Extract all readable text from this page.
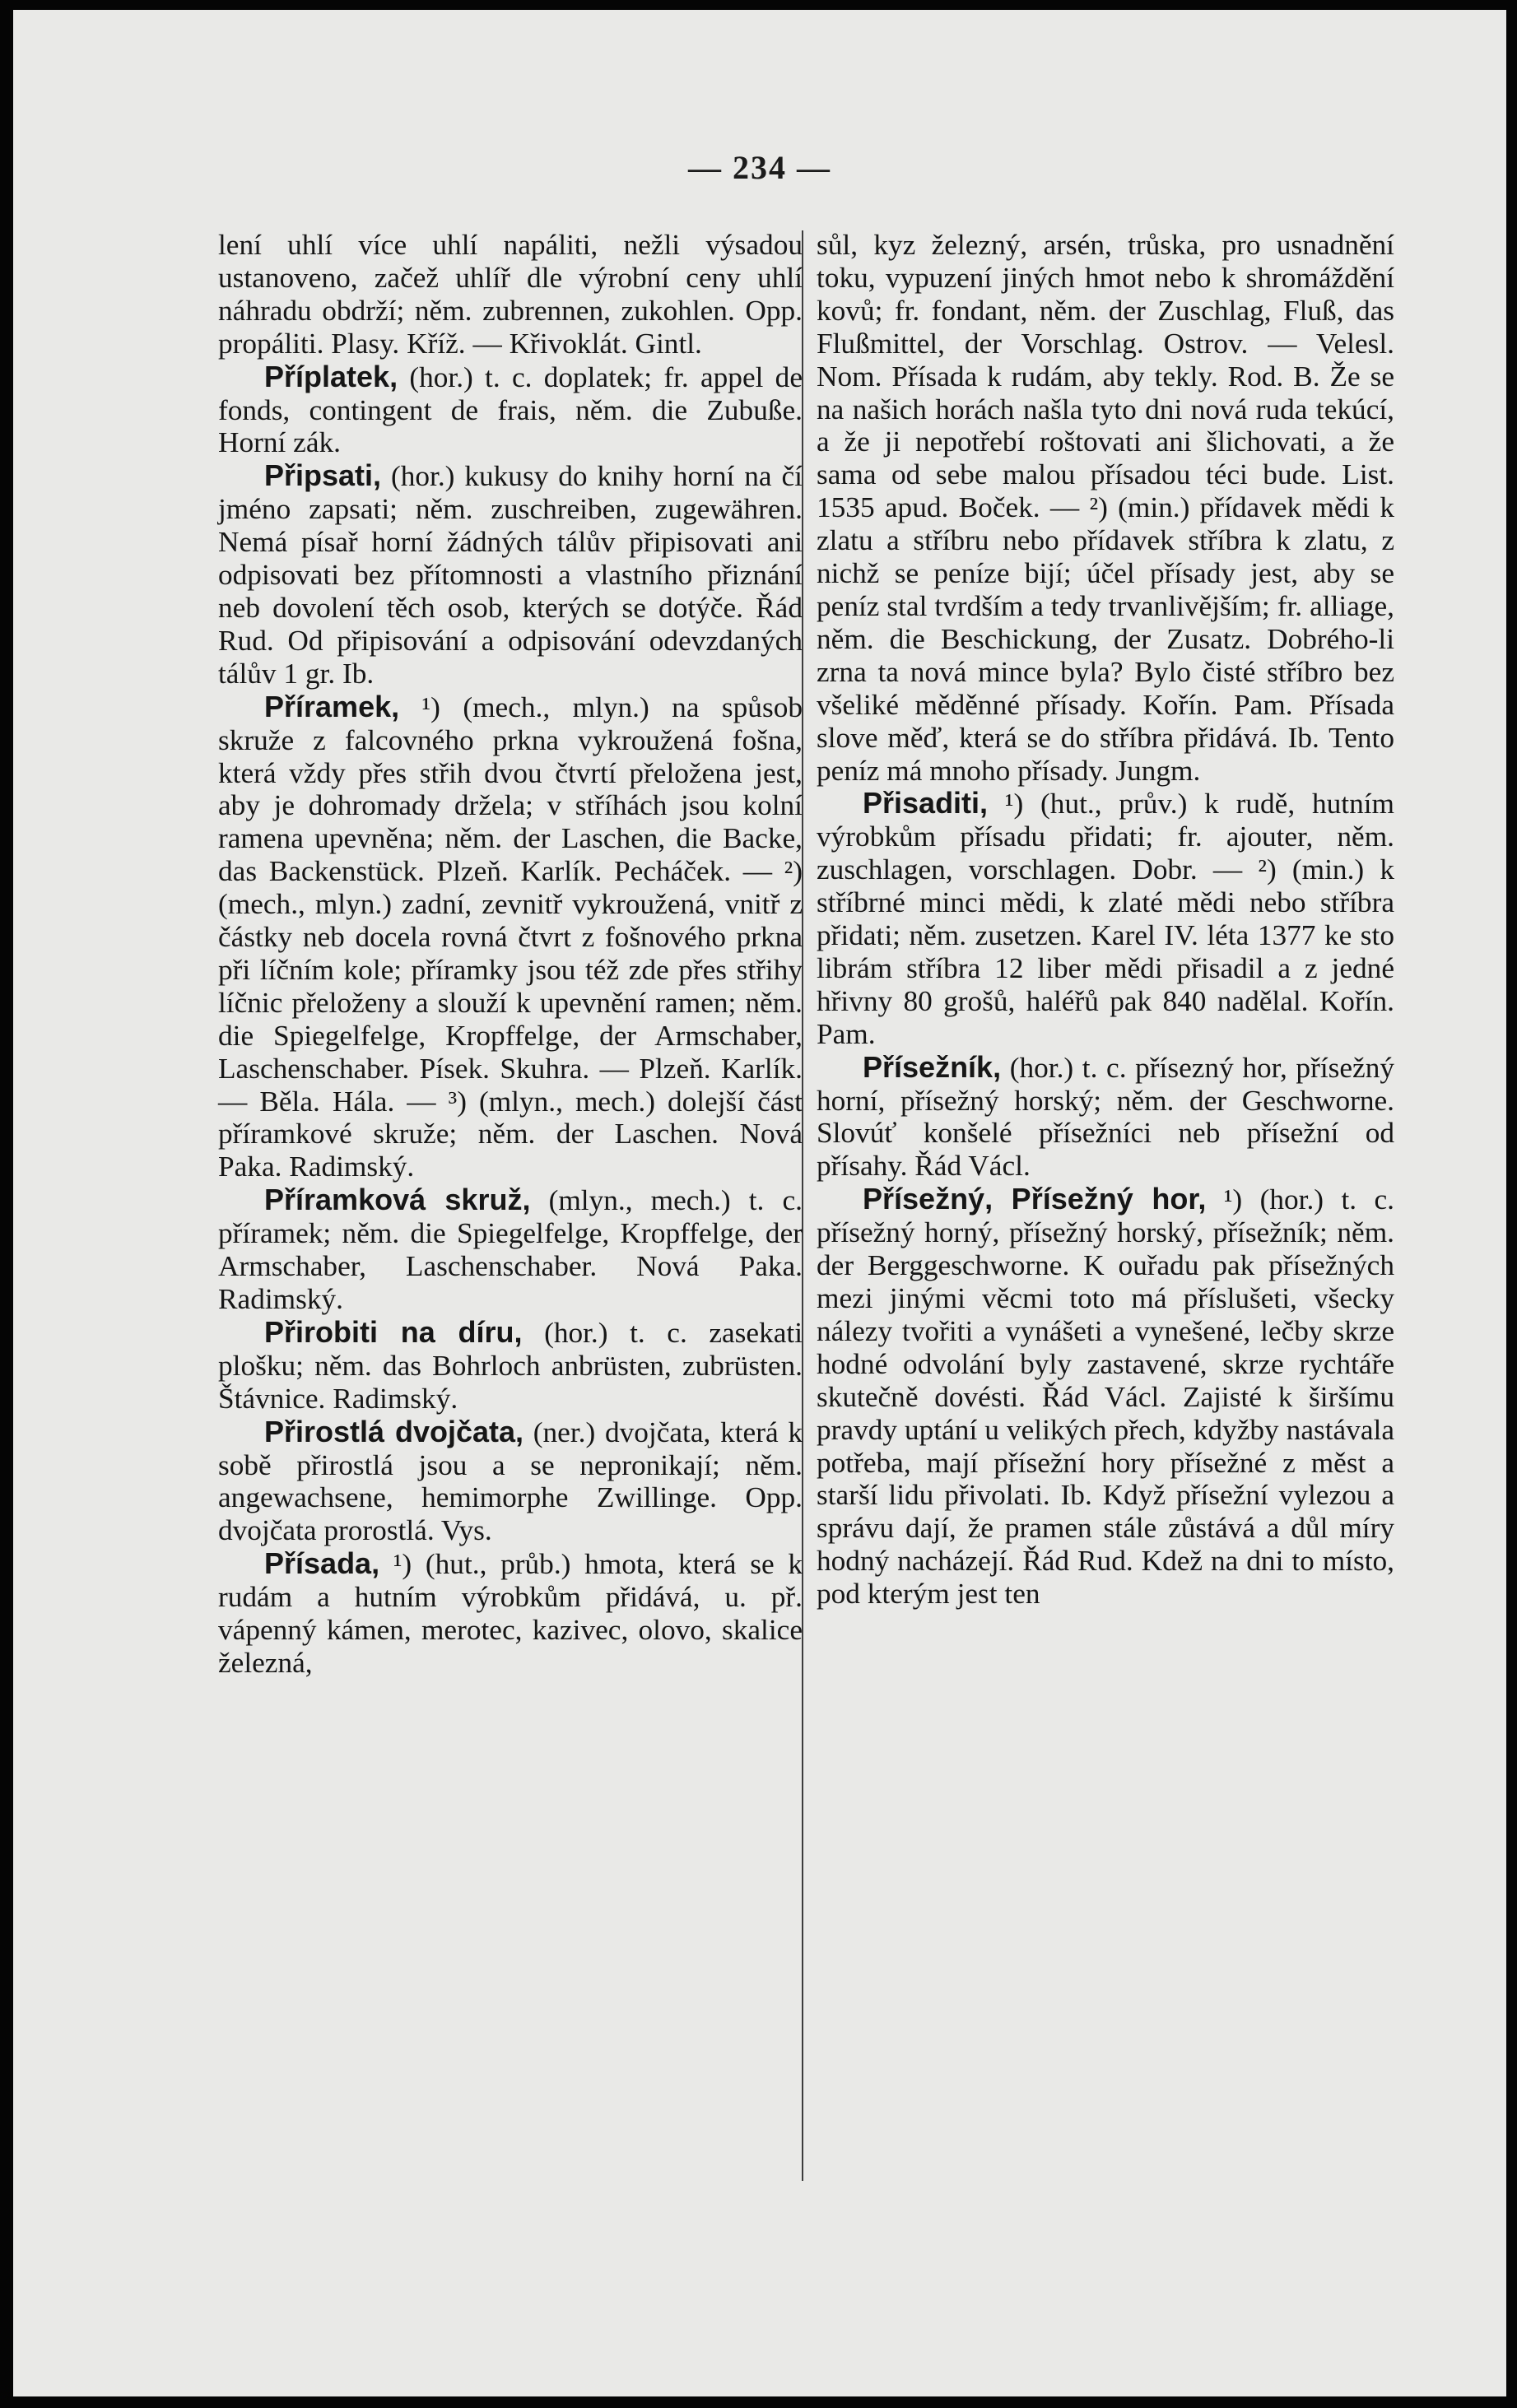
— 234 —

lení uhlí více uhlí napáliti, nežli výsadou ustanoveno, začež uhlíř dle výrobní ceny uhlí náhradu obdrží; něm. zubrennen, zukohlen. Opp. propáliti. Plasy. Kříž. — Křivoklát. Gintl.

Příplatek, (hor.) t. c. doplatek; fr. appel de fonds, contingent de frais, něm. die Zubuße. Horní zák.

Připsati, (hor.) kukusy do knihy horní na čí jméno zapsati; něm. zuschreiben, zugewähren. Nemá písař horní žádných tálův připisovati ani odpisovati bez přítomnosti a vlastního přiznání neb dovolení těch osob, kterých se dotýče. Řád Rud. Od připisování a odpisování odevzdaných tálův 1 gr. Ib.

Příramek, ¹) (mech., mlyn.) na spůsob skruže z falcovného prkna vykroužená fošna, která vždy přes střih dvou čtvrtí přeložena jest, aby je dohromady držela; v stříhách jsou kolní ramena upevněna; něm. der Laschen, die Backe, das Backenstück. Plzeň. Karlík. Pecháček. — ²) (mech., mlyn.) zadní, zevnitř vykroužená, vnitř z částky neb docela rovná čtvrt z fošnového prkna při líčním kole; příramky jsou též zde přes střihy líčnic přeloženy a slouží k upevnění ramen; něm. die Spiegelfelge, Kropffelge, der Armschaber, Laschenschaber. Písek. Skuhra. — Plzeň. Karlík. — Běla. Hála. — ³) (mlyn., mech.) dolejší část příramkové skruže; něm. der Laschen. Nová Paka. Radimský.

Příramková skruž, (mlyn., mech.) t. c. příramek; něm. die Spiegelfelge, Kropffelge, der Armschaber, Laschenschaber. Nová Paka. Radimský.

Přirobiti na díru, (hor.) t. c. zasekati plošku; něm. das Bohrloch anbrüsten, zubrüsten. Štávnice. Radimský.

Přirostlá dvojčata, (ner.) dvojčata, která k sobě přirostlá jsou a se nepronikají; něm. angewachsene, hemimorphe Zwillinge. Opp. dvojčata prorostlá. Vys.

Přísada, ¹) (hut., průb.) hmota, která se k rudám a hutním výrobkům přidává, u. př. vápenný kámen, merotec, kazivec, olovo, skalice železná,

sůl, kyz železný, arsén, trůska, pro usnadnění toku, vypuzení jiných hmot nebo k shromáždění kovů; fr. fondant, něm. der Zuschlag, Fluß, das Flußmittel, der Vorschlag. Ostrov. — Velesl. Nom. Přísada k rudám, aby tekly. Rod. B. Že se na našich horách našla tyto dni nová ruda tekúcí, a že ji nepotřebí roštovati ani šlichovati, a že sama od sebe malou přísadou téci bude. List. 1535 apud. Boček. — ²) (min.) přídavek mědi k zlatu a stříbru nebo přídavek stříbra k zlatu, z nichž se peníze bijí; účel přísady jest, aby se peníz stal tvrdším a tedy trvanlivějším; fr. alliage, něm. die Beschickung, der Zusatz. Dobrého-li zrna ta nová mince byla? Bylo čisté stříbro bez všeliké měděnné přísady. Kořín. Pam. Přísada slove měď, která se do stříbra přidává. Ib. Tento peníz má mnoho přísady. Jungm.

Přisaditi, ¹) (hut., prův.) k rudě, hutním výrobkům přísadu přidati; fr. ajouter, něm. zuschlagen, vorschlagen. Dobr. — ²) (min.) k stříbrné minci mědi, k zlaté mědi nebo stříbra přidati; něm. zusetzen. Karel IV. léta 1377 ke sto librám stříbra 12 liber mědi přisadil a z jedné hřivny 80 grošů, haléřů pak 840 nadělal. Kořín. Pam.

Přísežník, (hor.) t. c. přísezný hor, přísežný horní, přísežný horský; něm. der Geschworne. Slovúť konšelé přísežníci neb přísežní od přísahy. Řád Václ.

Přísežný, Přísežný hor, ¹) (hor.) t. c. přísežný horný, přísežný horský, přísežník; něm. der Berggeschworne. K ouřadu pak přísežných mezi jinými věcmi toto má příslušeti, všecky nálezy tvořiti a vynášeti a vynešené, lečby skrze hodné odvolání byly zastavené, skrze rychtáře skutečně dovésti. Řád Václ. Zajisté k širšímu pravdy uptání u velikých přech, kdyžby nastávala potřeba, mají přísežní hory přísežné z měst a starší lidu přivolati. Ib. Když přísežní vylezou a správu dají, že pramen stále zůstává a důl míry hodný nacházejí. Řád Rud. Kdež na dni to místo, pod kterým jest ten
